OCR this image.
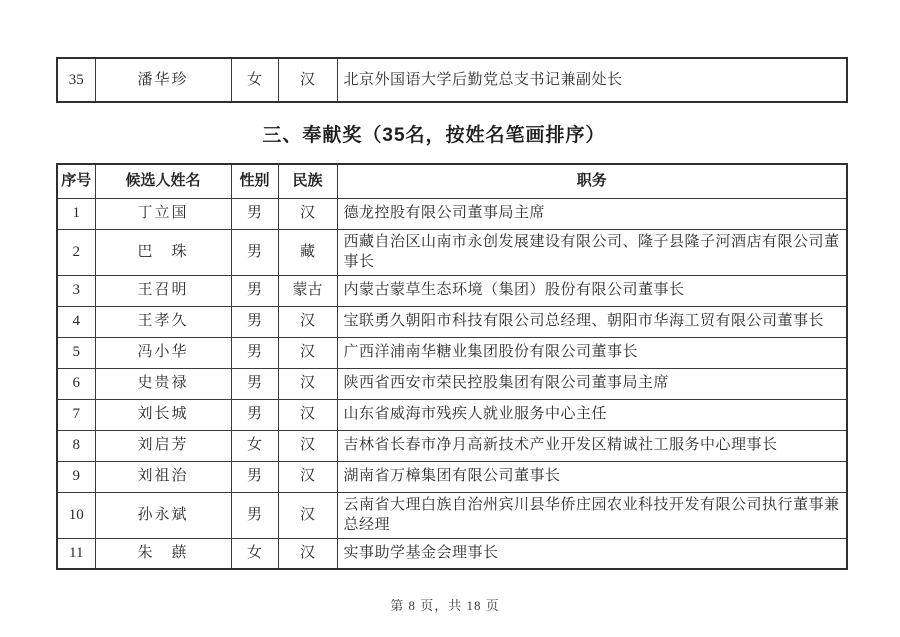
35	潘华珍	女	汉	北京外国语大学后勤党总支书记兼副处长
三、奉献奖（35名，按姓名笔画排序）
序号	候选人姓名	性别	民族	职务
1	丁立国	男	汉	德龙控股有限公司董事局主席
2	巴　珠	男	藏	西藏自治区山南市永创发展建设有限公司、隆子县隆子河酒店有限公司董事长
3	王召明	男	蒙古	内蒙古蒙草生态环境（集团）股份有限公司董事长
4	王孝久	男	汉	宝联勇久朝阳市科技有限公司总经理、朝阳市华海工贸有限公司董事长
5	冯小华	男	汉	广西洋浦南华糖业集团股份有限公司董事长
6	史贵禄	男	汉	陕西省西安市荣民控股集团有限公司董事局主席
7	刘长城	男	汉	山东省威海市残疾人就业服务中心主任
8	刘启芳	女	汉	吉林省长春市净月高新技术产业开发区精诚社工服务中心理事长
9	刘祖治	男	汉	湖南省万樟集团有限公司董事长
10	孙永斌	男	汉	云南省大理白族自治州宾川县华侨庄园农业科技开发有限公司执行董事兼总经理
11	朱　蕻	女	汉	实事助学基金会理事长
第 8 页，共 18 页
